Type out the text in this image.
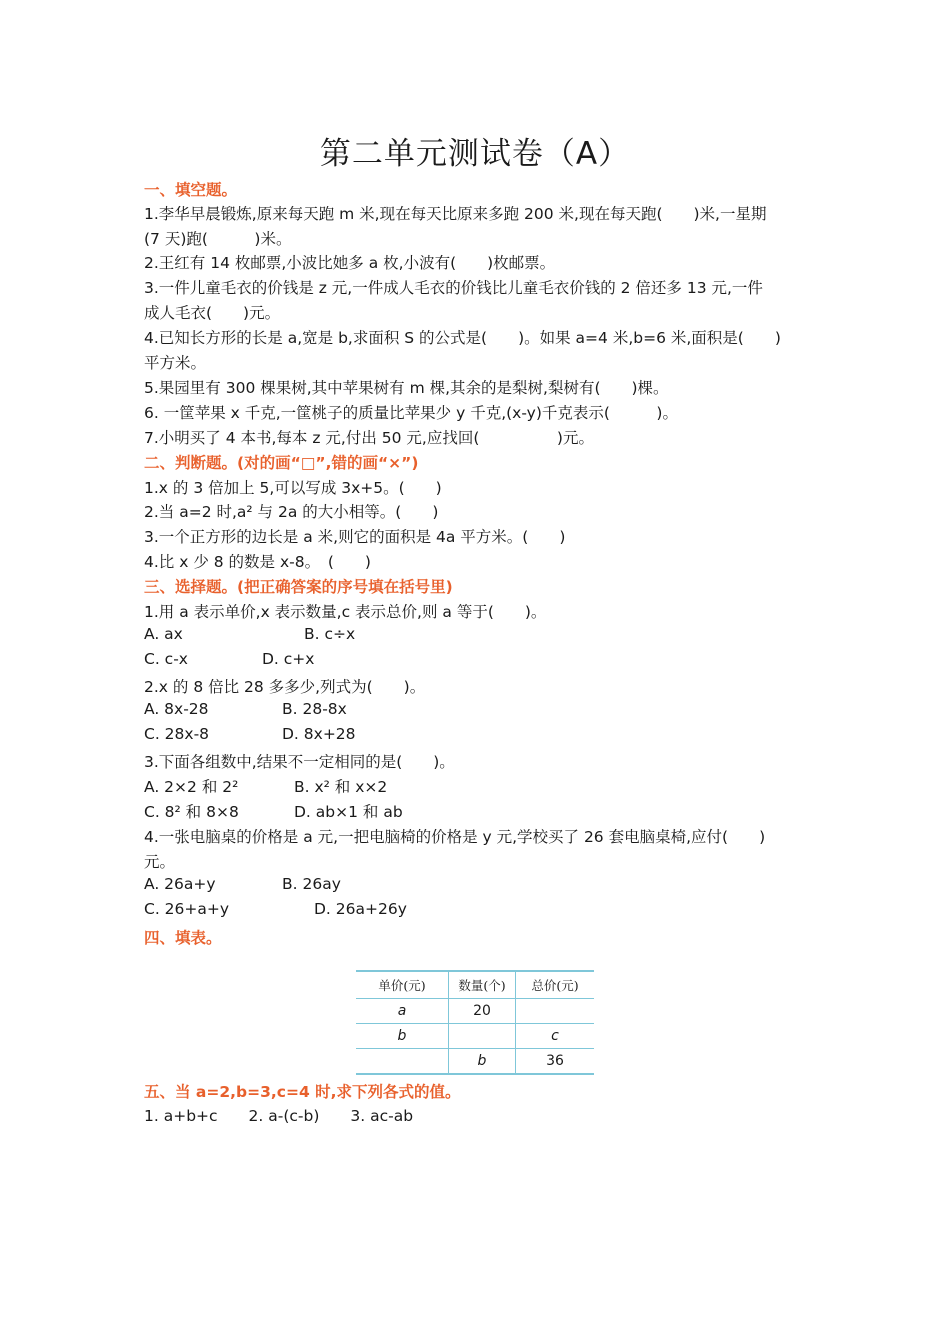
第二单元测试卷（A）
一、填空题。
1.李华早晨锻炼,原来每天跑 m 米,现在每天比原来多跑 200 米,现在每天跑(　　)米,一星期
(7 天)跑(　　　)米。
2.王红有 14 枚邮票,小波比她多 a 枚,小波有(　　)枚邮票。
3.一件儿童毛衣的价钱是 z 元,一件成人毛衣的价钱比儿童毛衣价钱的 2 倍还多 13 元,一件
成人毛衣(　　)元。
4.已知长方形的长是 a,宽是 b,求面积 S 的公式是(　　)。如果 a=4 米,b=6 米,面积是(　　)
平方米。
5.果园里有 300 棵果树,其中苹果树有 m 棵,其余的是梨树,梨树有(　　)棵。
6. 一筐苹果 x 千克,一筐桃子的质量比苹果少 y 千克,(x-y)千克表示(　　　)。
7.小明买了 4 本书,每本 z 元,付出 50 元,应找回(　　　　　)元。
二、判断题。(对的画“□”,错的画“×”)
1.x 的 3 倍加上 5,可以写成 3x+5。(　　)
2.当 a=2 时,a² 与 2a 的大小相等。(　　)
3.一个正方形的边长是 a 米,则它的面积是 4a 平方米。(　　)
4.比 x 少 8 的数是 x-8。　(　　)
三、选择题。(把正确答案的序号填在括号里)
1.用 a 表示单价,x 表示数量,c 表示总价,则 a 等于(　　)。
A. ax	B. c÷x
C. c-x	D. c+x
2.x 的 8 倍比 28 多多少,列式为(　　)。
A. 8x-28	B. 28-8x
C. 28x-8	D. 8x+28
3.下面各组数中,结果不一定相同的是(　　)。
A. 2×2 和 2²	B. x² 和 x×2
C. 8² 和 8×8	D. ab×1 和 ab
4.一张电脑桌的价格是 a 元,一把电脑椅的价格是 y 元,学校买了 26 套电脑桌椅,应付(　　)
元。
A. 26a+y	B. 26ay
C. 26+a+y	D. 26a+26y
四、填表。
单价(元)	数量(个)	总价(元)
a	20	
b		c
	b	36
五、当 a=2,b=3,c=4 时,求下列各式的值。
1. a+b+c　　2. a-(c-b)　　3. ac-ab
